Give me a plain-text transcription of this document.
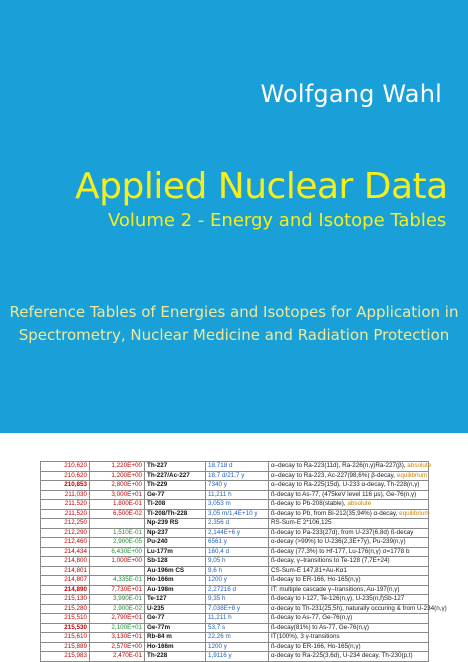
Wolfgang Wahl
Applied Nuclear Data
Volume 2 - Energy and Isotope Tables
Reference Tables of Energies and Isotopes for Application in
Spectrometry, Nuclear Medicine and Radiation Protection
210,620	1,220E+00	Th-227	18,718 d	α–decay to Ra-223(11d), Ra-226(n,γ)Ra-227(β), absolute
210,620	1,200E+00	Th-227/Ac-227	18,7 d/21,7 y	α–decay to Ra-223, Ac-227(98,6%) β-decay, equilibrium
210,853	2,800E+00	Th-229	7340 y	α–decay to Ra-225(15d), U-233 α-decay, Th-228(n,γ)
211,030	3,000E+01	Ge-77	11,211 h	ß-decay to As-77, (475keV level 116 µs), Ge-76(n,γ)
211,520	1,800E-01	Tl-208	3,053 m	ß-decay to Pb-208(stable), absolute
211,520	6,500E-02	Tl-208/Th-228	3,05 m/1,4E+10 y	ß-decay to Pb, from Bi-212(35,94%) α-decay, equilibrium
212,250		Np-239 RS	2,356 d	RS-Sum-E 2*106,125
212,290	1,510E-01	Np-237	2,144E+6 y	ß-decay to Pa-233(27d), from U-237(6,8d) ß-decay
212,460	2,900E-05	Pu-240	6561 y	α-decay (>99%) to U-236(2,3E+7y), Pu-239(n,γ)
214,434	6,430E+00	Lu-177m	160,4 d	ß-decay (77,3%) to Hf-177, Lu-176(n,γ) σ=1778 b
214,800	1,000E+00	Sb-128	9,05 h	ß-decay, γ–transitions to Te-128 (7,7E+24)
214,801		Au-196m CS	9,6 h	CS-Sum-E 147,81+Au-Kα1
214,807	4,335E-01	Ho-166m	1200 y	ß-decay to ER-166, Ho-165(n,γ)
214,890	7,730E+01	Au-198m	2,27216 d	IT: multiple cascade γ–transitions, Au-197(n,γ)
215,130	3,990E-01	Te-127	9,35 h	ß-decay to I-127, Te-126(n,γ), U-235(n,f)Sb-127
215,280	2,900E-02	U-235	7,038E+8 y	α-decay to Th-231(25,5h), naturally occuring & from U-234(n,γ)
215,510	2,790E+01	Ge-77	11,211 h	ß-decay to As-77, Ge-76(n,γ)
215,530	2,100E+01	Ge-77m	53,7 s	ß-decay(81%) to As-77, Ge-76(n,γ)
215,610	3,130E+01	Rb-84 m	22,26 m	IT(100%), 3 γ-transitions
215,889	2,570E+00	Ho-166m	1200 y	ß-decay to ER-166, Ho-165(n,γ)
215,983	2,470E-01	Th-228	1,9116 y	α-decay to Ra-225(3,6d), U-234 decay, Th-230(p,t)
